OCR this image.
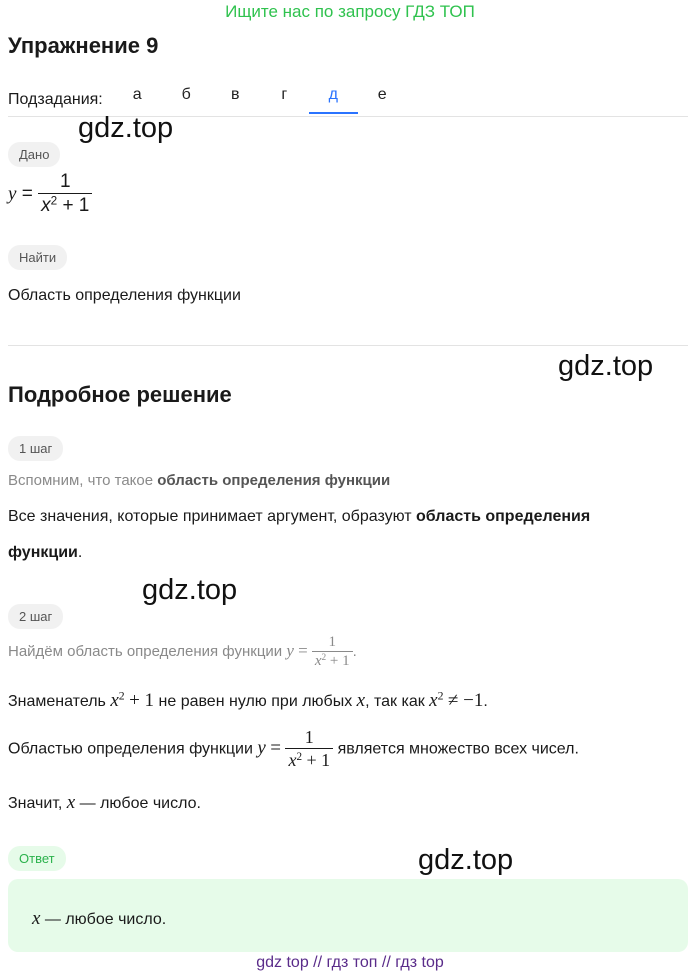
Ищите нас по запросу ГДЗ ТОП
Упражнение 9
Подзадания:	а	б	в	г	д	е
gdz.top
Дано
$y = \frac{1}{x^2 + 1}$
Найти
Область определения функции
gdz.top
Подробное решение
1 шаг
Вспомним, что такое область определения функции
Все значения, которые принимает аргумент, образуют область определения
функции.
gdz.top
2 шаг
Найдём область определения функции $y = \frac{1}{x^2 + 1}$ .
Знаменатель $x^2 + 1$ не равен нулю при любых x, так как $x^2 \ne -1$.
Областью определения функции $y = \frac{1}{x^2 + 1}$ является множество всех чисел.
Значит, x — любое число.
gdz.top
Ответ
x — любое число.
gdz top // гдз топ // гдз top
